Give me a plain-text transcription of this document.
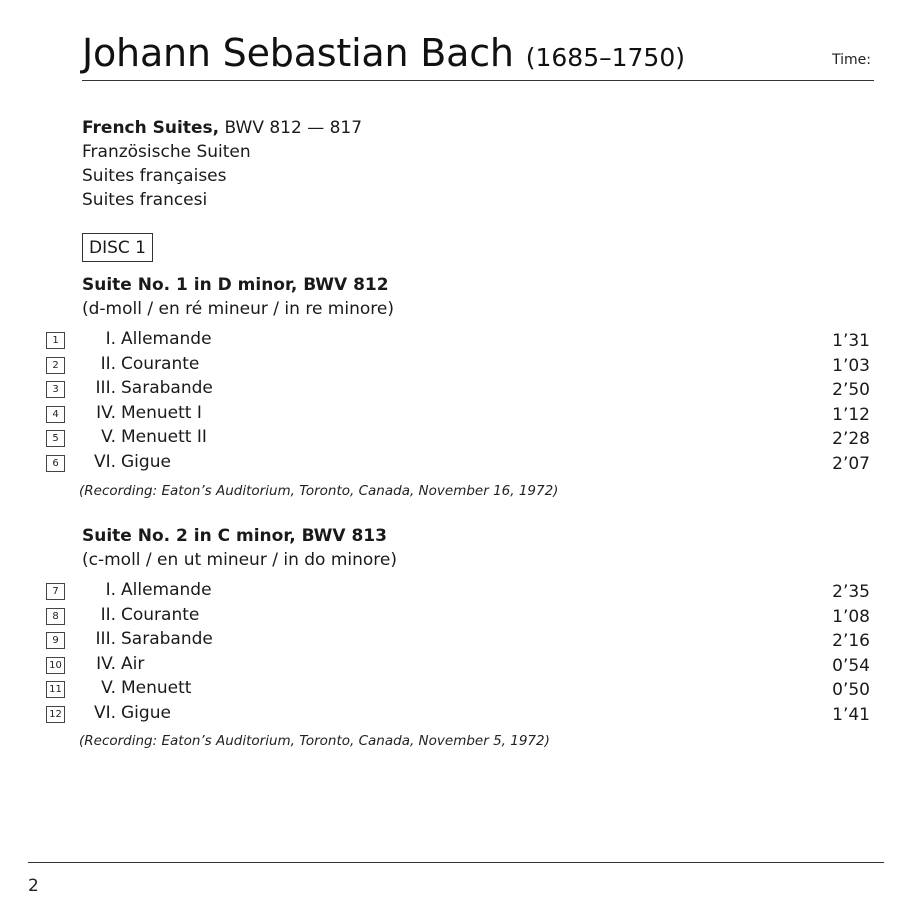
Johann Sebastian Bach (1685–1750)	Time:
French Suites, BWV 812 — 817
Französische Suiten
Suites françaises
Suites francesi
DISC 1
Suite No. 1 in D minor, BWV 812
(d-moll / en ré mineur / in re minore)
1	I. Allemande	1’31
2	II. Courante	1’03
3	III. Sarabande	2’50
4	IV. Menuett I	1’12
5	V. Menuett II	2’28
6	VI. Gigue	2’07
(Recording: Eaton’s Auditorium, Toronto, Canada, November 16, 1972)
Suite No. 2 in C minor, BWV 813
(c-moll / en ut mineur / in do minore)
7	I. Allemande	2’35
8	II. Courante	1’08
9	III. Sarabande	2’16
10	IV. Air	0’54
11	V. Menuett	0’50
12	VI. Gigue	1’41
(Recording: Eaton’s Auditorium, Toronto, Canada, November 5, 1972)
2
